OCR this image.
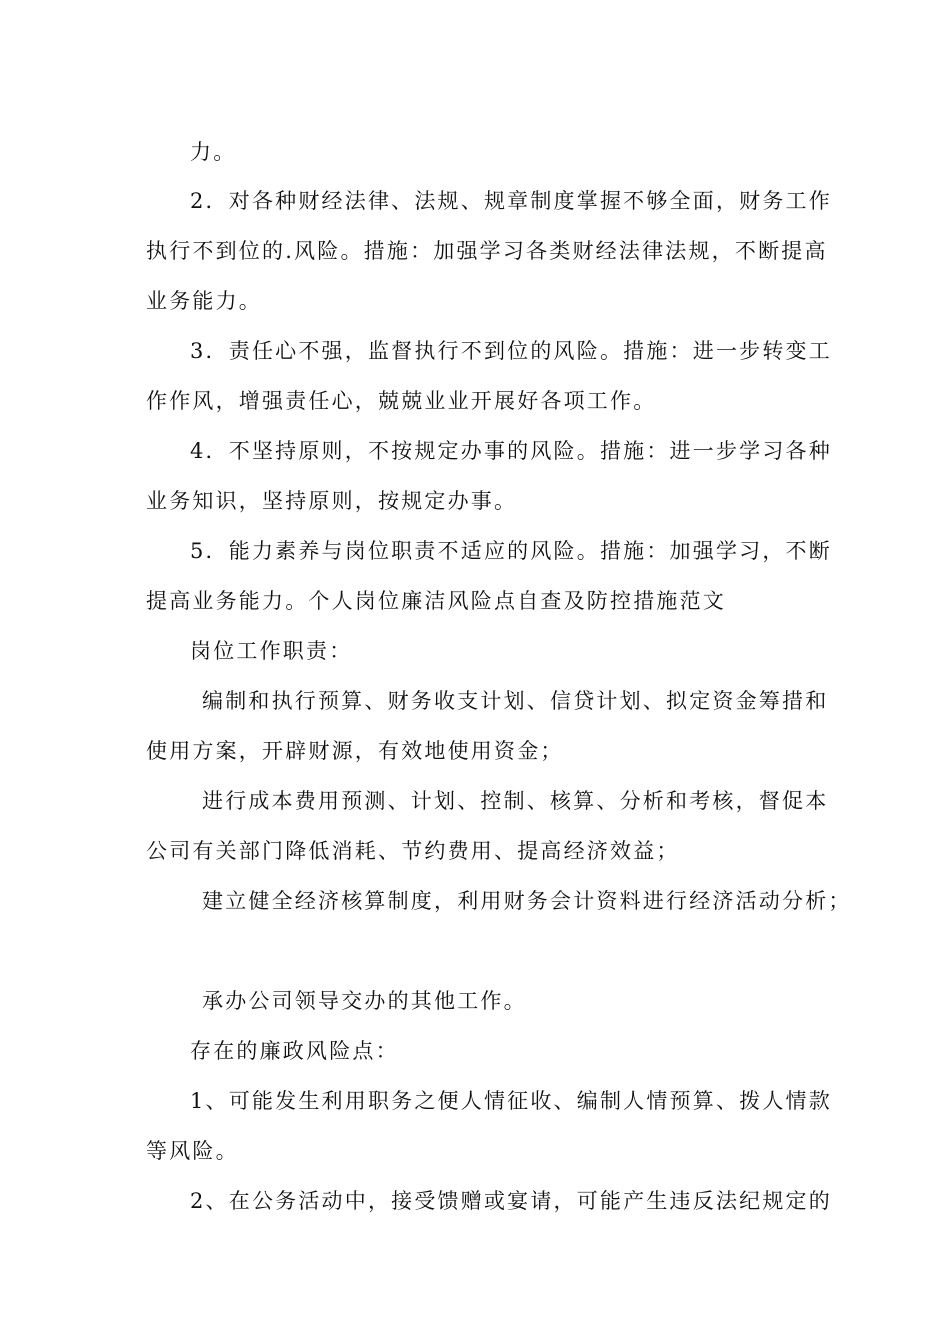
力。
2．对各种财经法律、法规、规章制度掌握不够全面，财务工作
执行不到位的.风险。措施：加强学习各类财经法律法规，不断提高
业务能力。
3．责任心不强，监督执行不到位的风险。措施：进一步转变工
作作风，增强责任心，兢兢业业开展好各项工作。
4．不坚持原则，不按规定办事的风险。措施：进一步学习各种
业务知识，坚持原则，按规定办事。
5．能力素养与岗位职责不适应的风险。措施：加强学习，不断
提高业务能力。个人岗位廉洁风险点自查及防控措施范文
岗位工作职责：
编制和执行预算、财务收支计划、信贷计划、拟定资金筹措和
使用方案，开辟财源，有效地使用资金；
进行成本费用预测、计划、控制、核算、分析和考核，督促本
公司有关部门降低消耗、节约费用、提高经济效益；
建立健全经济核算制度，利用财务会计资料进行经济活动分析；
承办公司领导交办的其他工作。
存在的廉政风险点：
1、可能发生利用职务之便人情征收、编制人情预算、拨人情款
等风险。
2、在公务活动中，接受馈赠或宴请，可能产生违反法纪规定的
